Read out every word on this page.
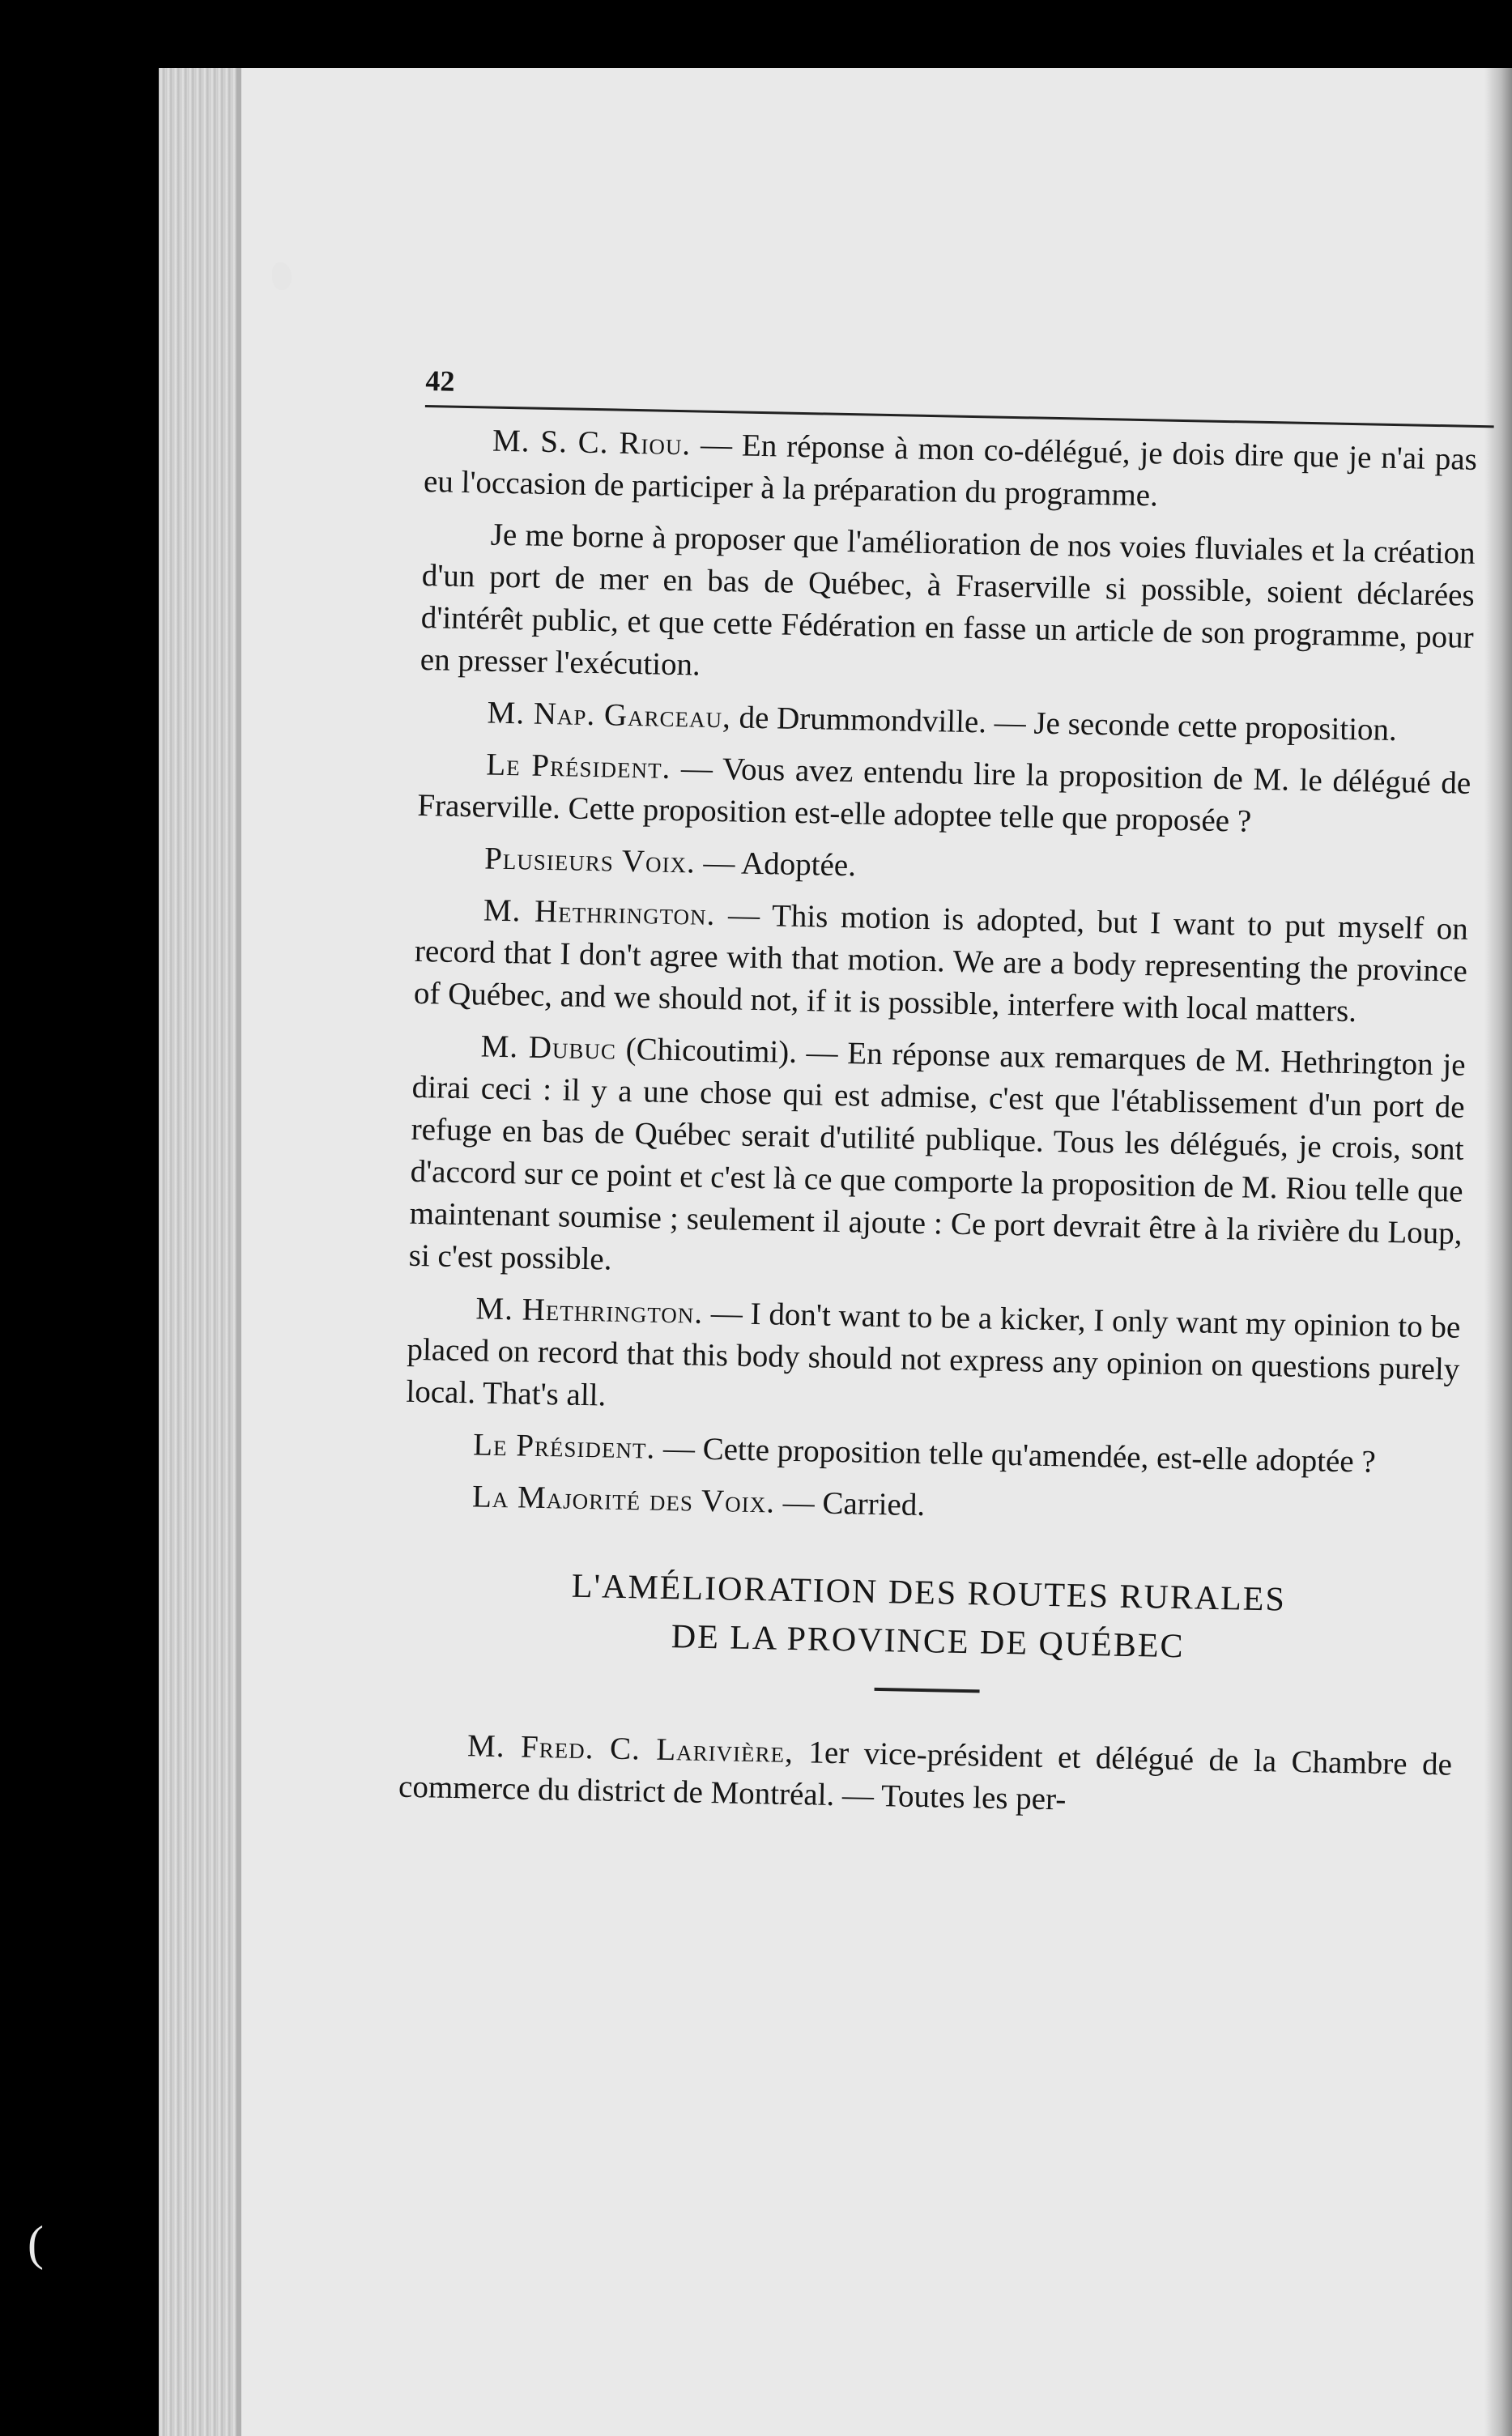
42

M. S. C. Riou. — En réponse à mon co-délégué, je dois dire que je n'ai pas eu l'occasion de participer à la préparation du programme.

Je me borne à proposer que l'amélioration de nos voies fluviales et la création d'un port de mer en bas de Québec, à Fraserville si possible, soient déclarées d'intérêt public, et que cette Fédération en fasse un article de son programme, pour en presser l'exécution.

M. Nap. Garceau, de Drummondville. — Je seconde cette proposition.

Le Président. — Vous avez entendu lire la proposition de M. le délégué de Fraserville. Cette proposition est-elle adoptee telle que proposée ?

Plusieurs Voix. — Adoptée.

M. Hethrington. — This motion is adopted, but I want to put myself on record that I don't agree with that motion. We are a body representing the province of Québec, and we should not, if it is possible, interfere with local matters.

M. Dubuc (Chicoutimi). — En réponse aux remarques de M. Hethrington je dirai ceci : il y a une chose qui est admise, c'est que l'établissement d'un port de refuge en bas de Québec serait d'utilité publique. Tous les délégués, je crois, sont d'accord sur ce point et c'est là ce que comporte la proposition de M. Riou telle que maintenant soumise ; seulement il ajoute : Ce port devrait être à la rivière du Loup, si c'est possible.

M. Hethrington. — I don't want to be a kicker, I only want my opinion to be placed on record that this body should not express any opinion on questions purely local. That's all.

Le Président. — Cette proposition telle qu'amendée, est-elle adoptée ?

La Majorité des Voix. — Carried.

L'AMÉLIORATION DES ROUTES RURALES
DE LA PROVINCE DE QUÉBEC

M. Fred. C. Larivière, 1er vice-président et délégué de la Chambre de commerce du district de Montréal. — Toutes les per-

(
